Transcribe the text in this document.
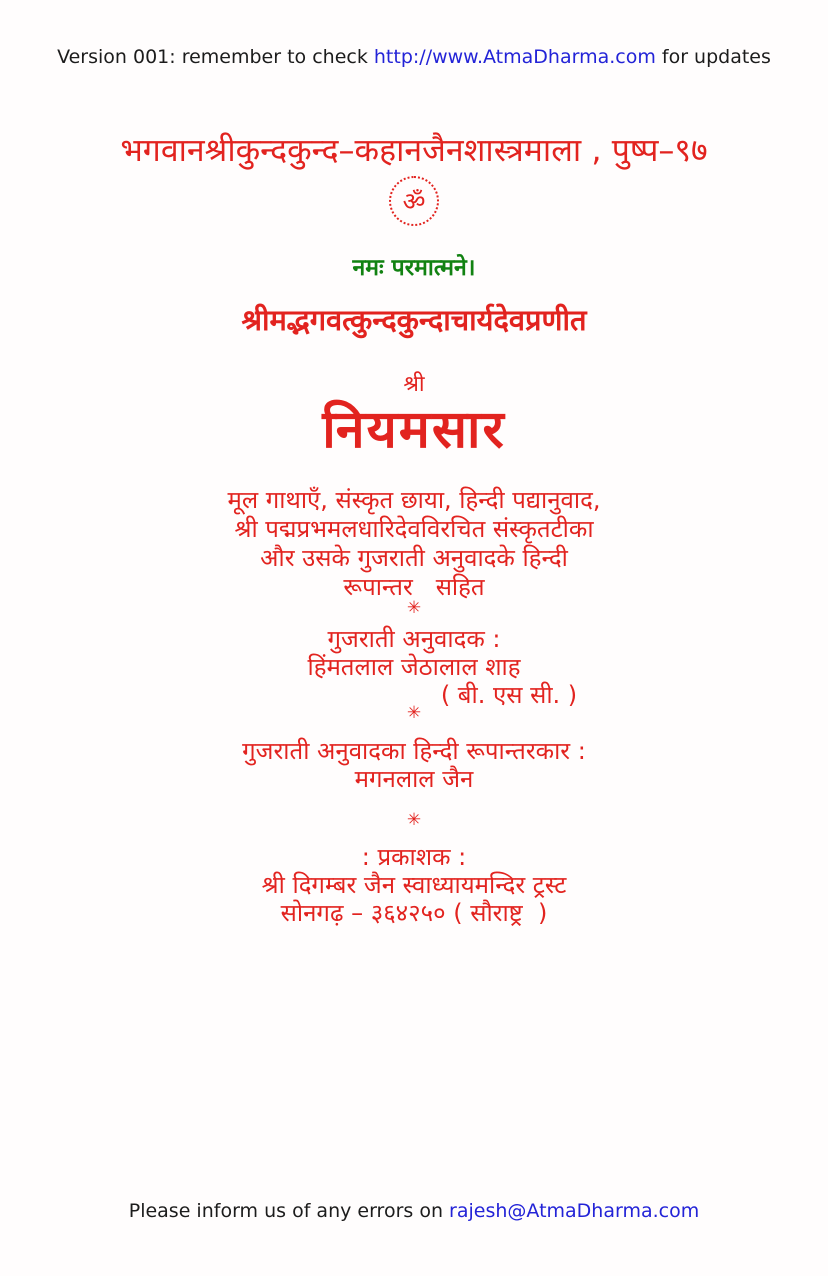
Version 001: remember to check http://www.AtmaDharma.com for updates
भगवानश्रीकुन्दकुन्द–कहानजैनशास्त्रमाला , पुष्प–९७
ॐ
नमः परमात्मने।
श्रीमद्भगवत्कुन्दकुन्दाचार्यदेवप्रणीत
श्री
नियमसार
मूल गाथाएँ, संस्कृत छाया, हिन्दी पद्यानुवाद,
श्री पद्मप्रभमलधारिदेवविरचित संस्कृतटीका
और उसके गुजराती अनुवादके हिन्दी
रूपान्तर   सहित
✳
गुजराती अनुवादक :
हिंमतलाल जेठालाल शाह
( बी. एस सी. )
✳
गुजराती अनुवादका हिन्दी रूपान्तरकार :
मगनलाल जैन
✳
: प्रकाशक :
श्री दिगम्बर जैन स्वाध्यायमन्दिर ट्रस्ट
सोनगढ़ – ३६४२५० ( सौराष्ट्र  )
Please inform us of any errors on rajesh@AtmaDharma.com
